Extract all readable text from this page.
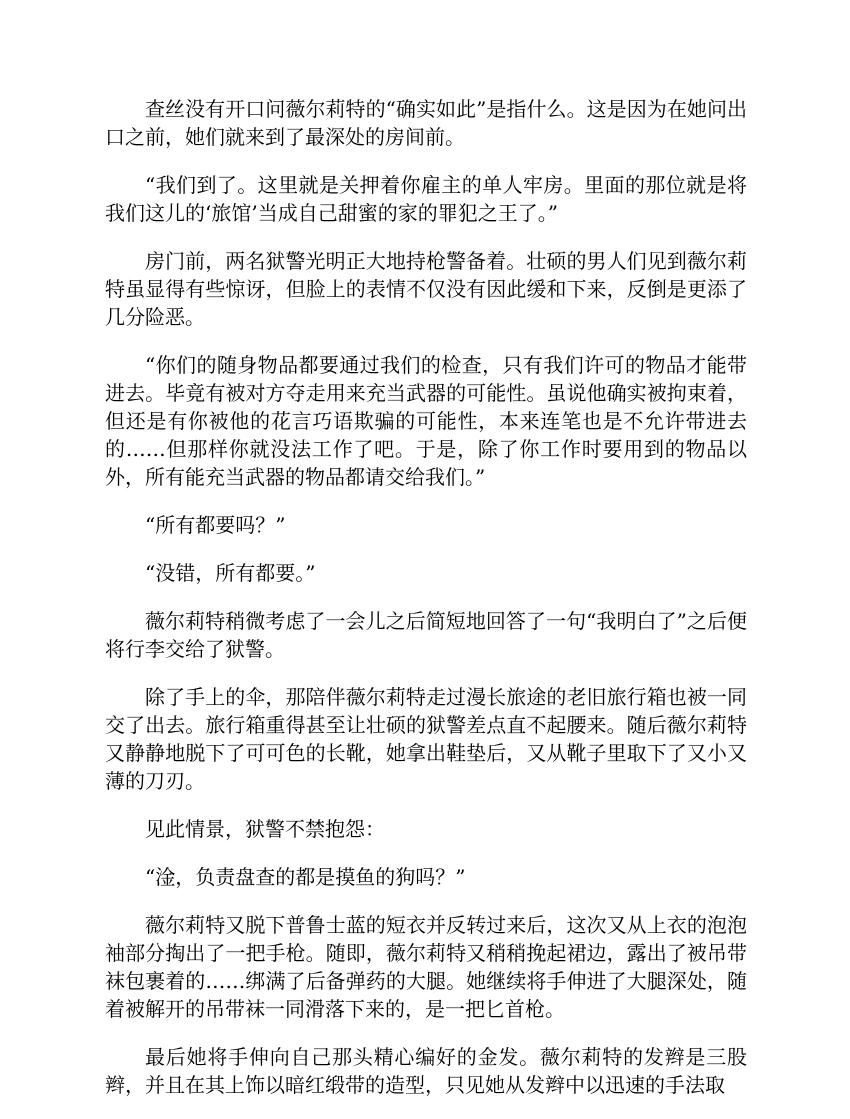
查丝没有开口问薇尔莉特的“确实如此”是指什么。这是因为在她问出口之前，她们就来到了最深处的房间前。

“我们到了。这里就是关押着你雇主的单人牢房。里面的那位就是将我们这儿的‘旅馆’当成自己甜蜜的家的罪犯之王了。”

房门前，两名狱警光明正大地持枪警备着。壮硕的男人们见到薇尔莉特虽显得有些惊讶，但脸上的表情不仅没有因此缓和下来，反倒是更添了几分险恶。

“你们的随身物品都要通过我们的检查，只有我们许可的物品才能带进去。毕竟有被对方夺走用来充当武器的可能性。虽说他确实被拘束着，但还是有你被他的花言巧语欺骗的可能性，本来连笔也是不允许带进去的……但那样你就没法工作了吧。于是，除了你工作时要用到的物品以外，所有能充当武器的物品都请交给我们。”

“所有都要吗？”

“没错，所有都要。”

薇尔莉特稍微考虑了一会儿之后简短地回答了一句“我明白了”之后便将行李交给了狱警。

除了手上的伞，那陪伴薇尔莉特走过漫长旅途的老旧旅行箱也被一同交了出去。旅行箱重得甚至让壮硕的狱警差点直不起腰来。随后薇尔莉特又静静地脱下了可可色的长靴，她拿出鞋垫后，又从靴子里取下了又小又薄的刀刃。

见此情景，狱警不禁抱怨：

“淦，负责盘查的都是摸鱼的狗吗？”

薇尔莉特又脱下普鲁士蓝的短衣并反转过来后，这次又从上衣的泡泡袖部分掏出了一把手枪。随即，薇尔莉特又稍稍挽起裙边，露出了被吊带袜包裹着的……绑满了后备弹药的大腿。她继续将手伸进了大腿深处，随着被解开的吊带袜一同滑落下来的，是一把匕首枪。

最后她将手伸向自己那头精心编好的金发。薇尔莉特的发辫是三股辫，并且在其上饰以暗红缎带的造型，只见她从发辫中以迅速的手法取
